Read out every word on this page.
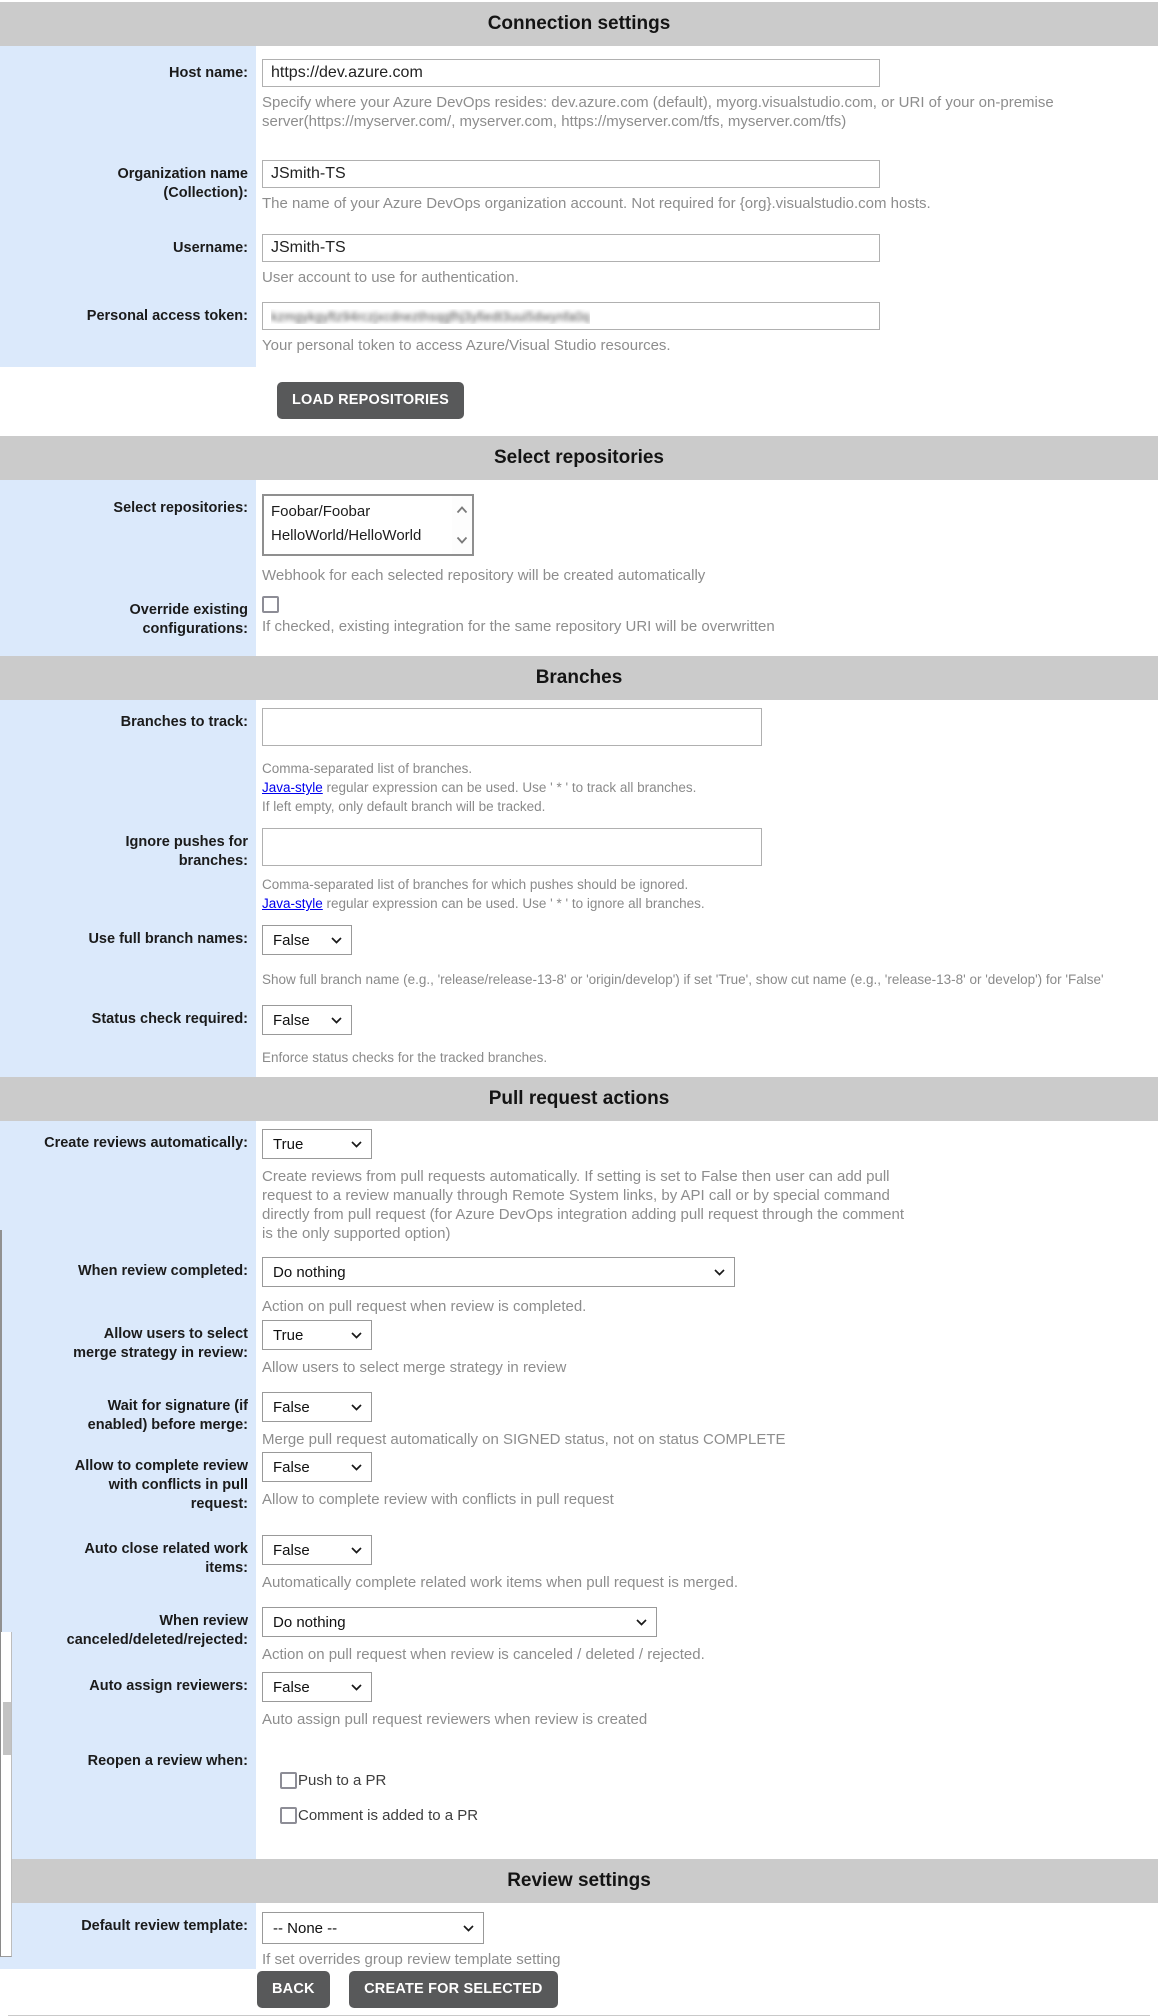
Connection settings
Host name:
https://dev.azure.com
Specify where your Azure DevOps resides: dev.azure.com (default), myorg.visualstudio.com, or URI of your on-premise server(https://myserver.com/, myserver.com, https://myserver.com/tfs, myserver.com/tfs)
Organization name (Collection):
JSmith-TS
The name of your Azure DevOps organization account. Not required for {org}.visualstudio.com hosts.
Username:
JSmith-TS
User account to use for authentication.
Personal access token:	kzmgykgyftz94rczjxcdnezthsqgfhj3yfiedt3uui5dwynfa0q
Your personal token to access Azure/Visual Studio resources.
LOAD REPOSITORIES
Select repositories
Select repositories:	Foobar/Foobar
HelloWorld/HelloWorld
Webhook for each selected repository will be created automatically
Override existing configurations: If checked, existing integration for the same repository URI will be overwritten
Branches
Branches to track:
Comma-separated list of branches.
Java-style regular expression can be used. Use ' * ' to track all branches.
If left empty, only default branch will be tracked.
Ignore pushes for branches:
Comma-separated list of branches for which pushes should be ignored.
Java-style regular expression can be used. Use ' * ' to ignore all branches.
Use full branch names:	False
Show full branch name (e.g., 'release/release-13-8' or 'origin/develop') if set 'True', show cut name (e.g., 'release-13-8' or 'develop') for 'False'
Status check required:	False
Enforce status checks for the tracked branches.
Pull request actions
Create reviews automatically:	True
Create reviews from pull requests automatically. If setting is set to False then user can add pull request to a review manually through Remote System links, by API call or by special command directly from pull request (for Azure DevOps integration adding pull request through the comment is the only supported option)
When review completed:	Do nothing
Action on pull request when review is completed.
Allow users to select merge strategy in review:
True
Allow users to select merge strategy in review
Wait for signature (if enabled) before merge:
False
Merge pull request automatically on SIGNED status, not on status COMPLETE
Allow to complete review with conflicts in pull request:
False
Allow to complete review with conflicts in pull request
Auto close related work items:
False
Automatically complete related work items when pull request is merged.
When review canceled/deleted/rejected:
Do nothing
Action on pull request when review is canceled / deleted / rejected.
Auto assign reviewers:	False
Auto assign pull request reviewers when review is created
Reopen a review when:
Push to a PR
Comment is added to a PR
Review settings
Default review template:	-- None --
If set overrides group review template setting
BACK	CREATE FOR SELECTED
